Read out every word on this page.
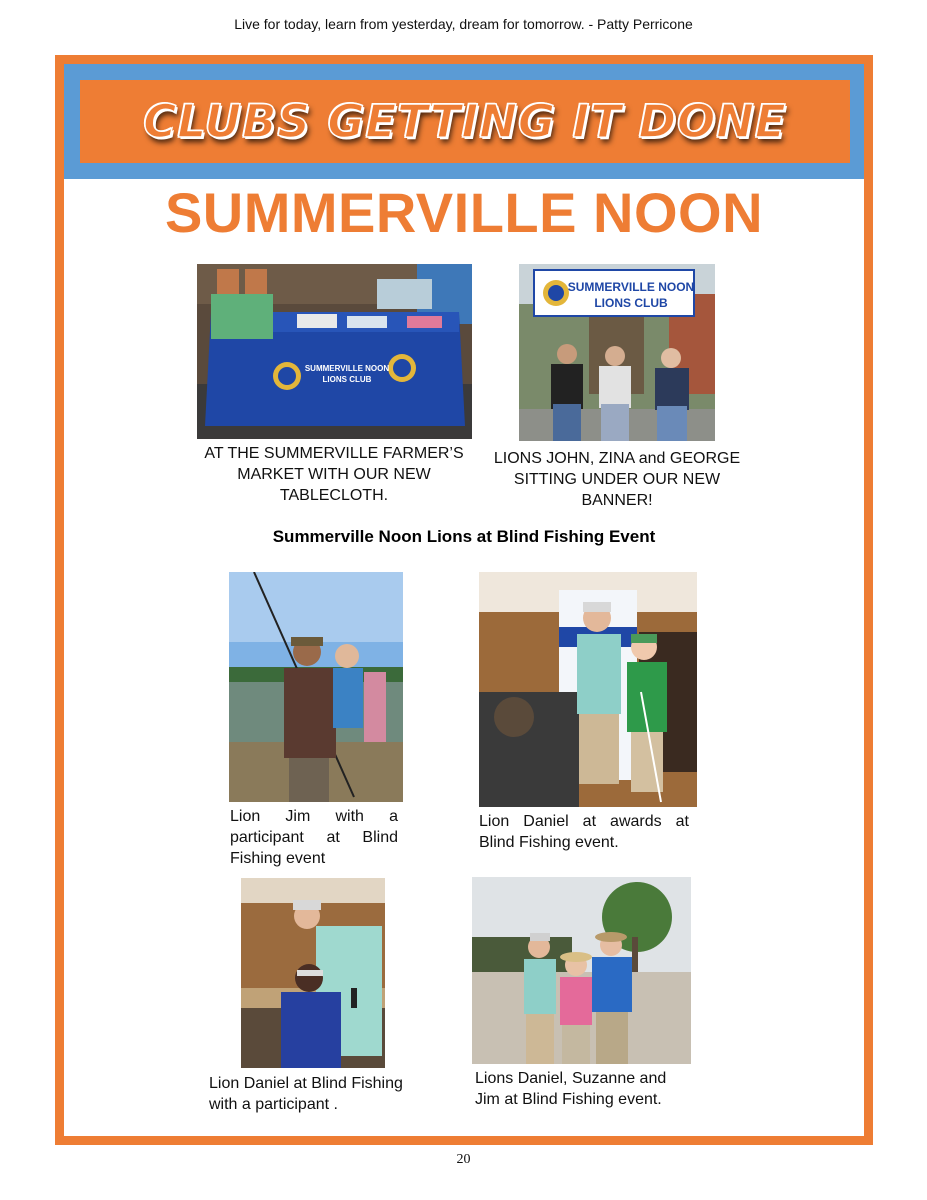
Live for today, learn from yesterday, dream for tomorrow. - Patty Perricone
CLUBS GETTING IT DONE
SUMMERVILLE NOON
SUMMERVILLE NOON
LIONS CLUB
AT THE SUMMERVILLE FARMER’S MARKET WITH OUR NEW TABLECLOTH.
SUMMERVILLE NOON
LIONS CLUB
LIONS JOHN, ZINA and GEORGE SITTING UNDER OUR NEW BANNER!
Summerville Noon Lions at Blind Fishing Event
Lion Jim with a participant at Blind Fishing event
Lion Daniel at awards at Blind Fishing event.
Lion Daniel at Blind Fishing with a participant .
Lions Daniel, Suzanne and Jim at Blind Fishing event.
20
